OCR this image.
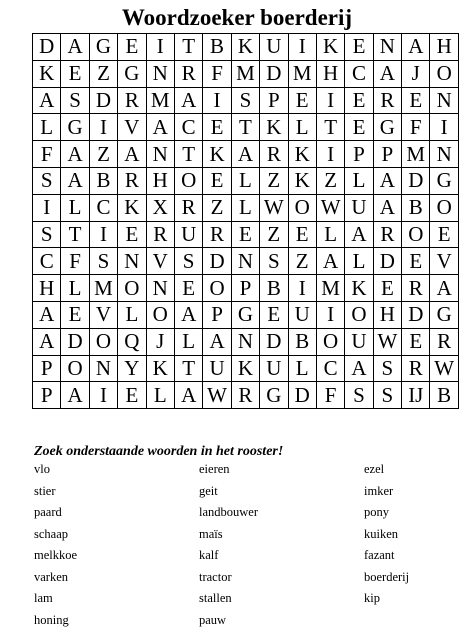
Woordzoeker boerderij
D	A	G	E	I	T	B	K	U	I	K	E	N	A	H
K	E	Z	G	N	R	F	M	D	M	H	C	A	J	O
A	S	D	R	M	A	I	S	P	E	I	E	R	E	N
L	G	I	V	A	C	E	T	K	L	T	E	G	F	I
F	A	Z	A	N	T	K	A	R	K	I	P	P	M	N
S	A	B	R	H	O	E	L	Z	K	Z	L	A	D	G
I	L	C	K	X	R	Z	L	W	O	W	U	A	B	O
S	T	I	E	R	U	R	E	Z	E	L	A	R	O	E
C	F	S	N	V	S	D	N	S	Z	A	L	D	E	V
H	L	M	O	N	E	O	P	B	I	M	K	E	R	A
A	E	V	L	O	A	P	G	E	U	I	O	H	D	G
A	D	O	Q	J	L	A	N	D	B	O	U	W	E	R
P	O	N	Y	K	T	U	K	U	L	C	A	S	R	W
P	A	I	E	L	A	W	R	G	D	F	S	S	IJ	B
Zoek onderstaande woorden in het rooster!
vlo
stier
paard
schaap
melkkoe
varken
lam
honing
eieren
geit
landbouwer
maïs
kalf
tractor
stallen
pauw
ezel
imker
pony
kuiken
fazant
boerderij
kip
